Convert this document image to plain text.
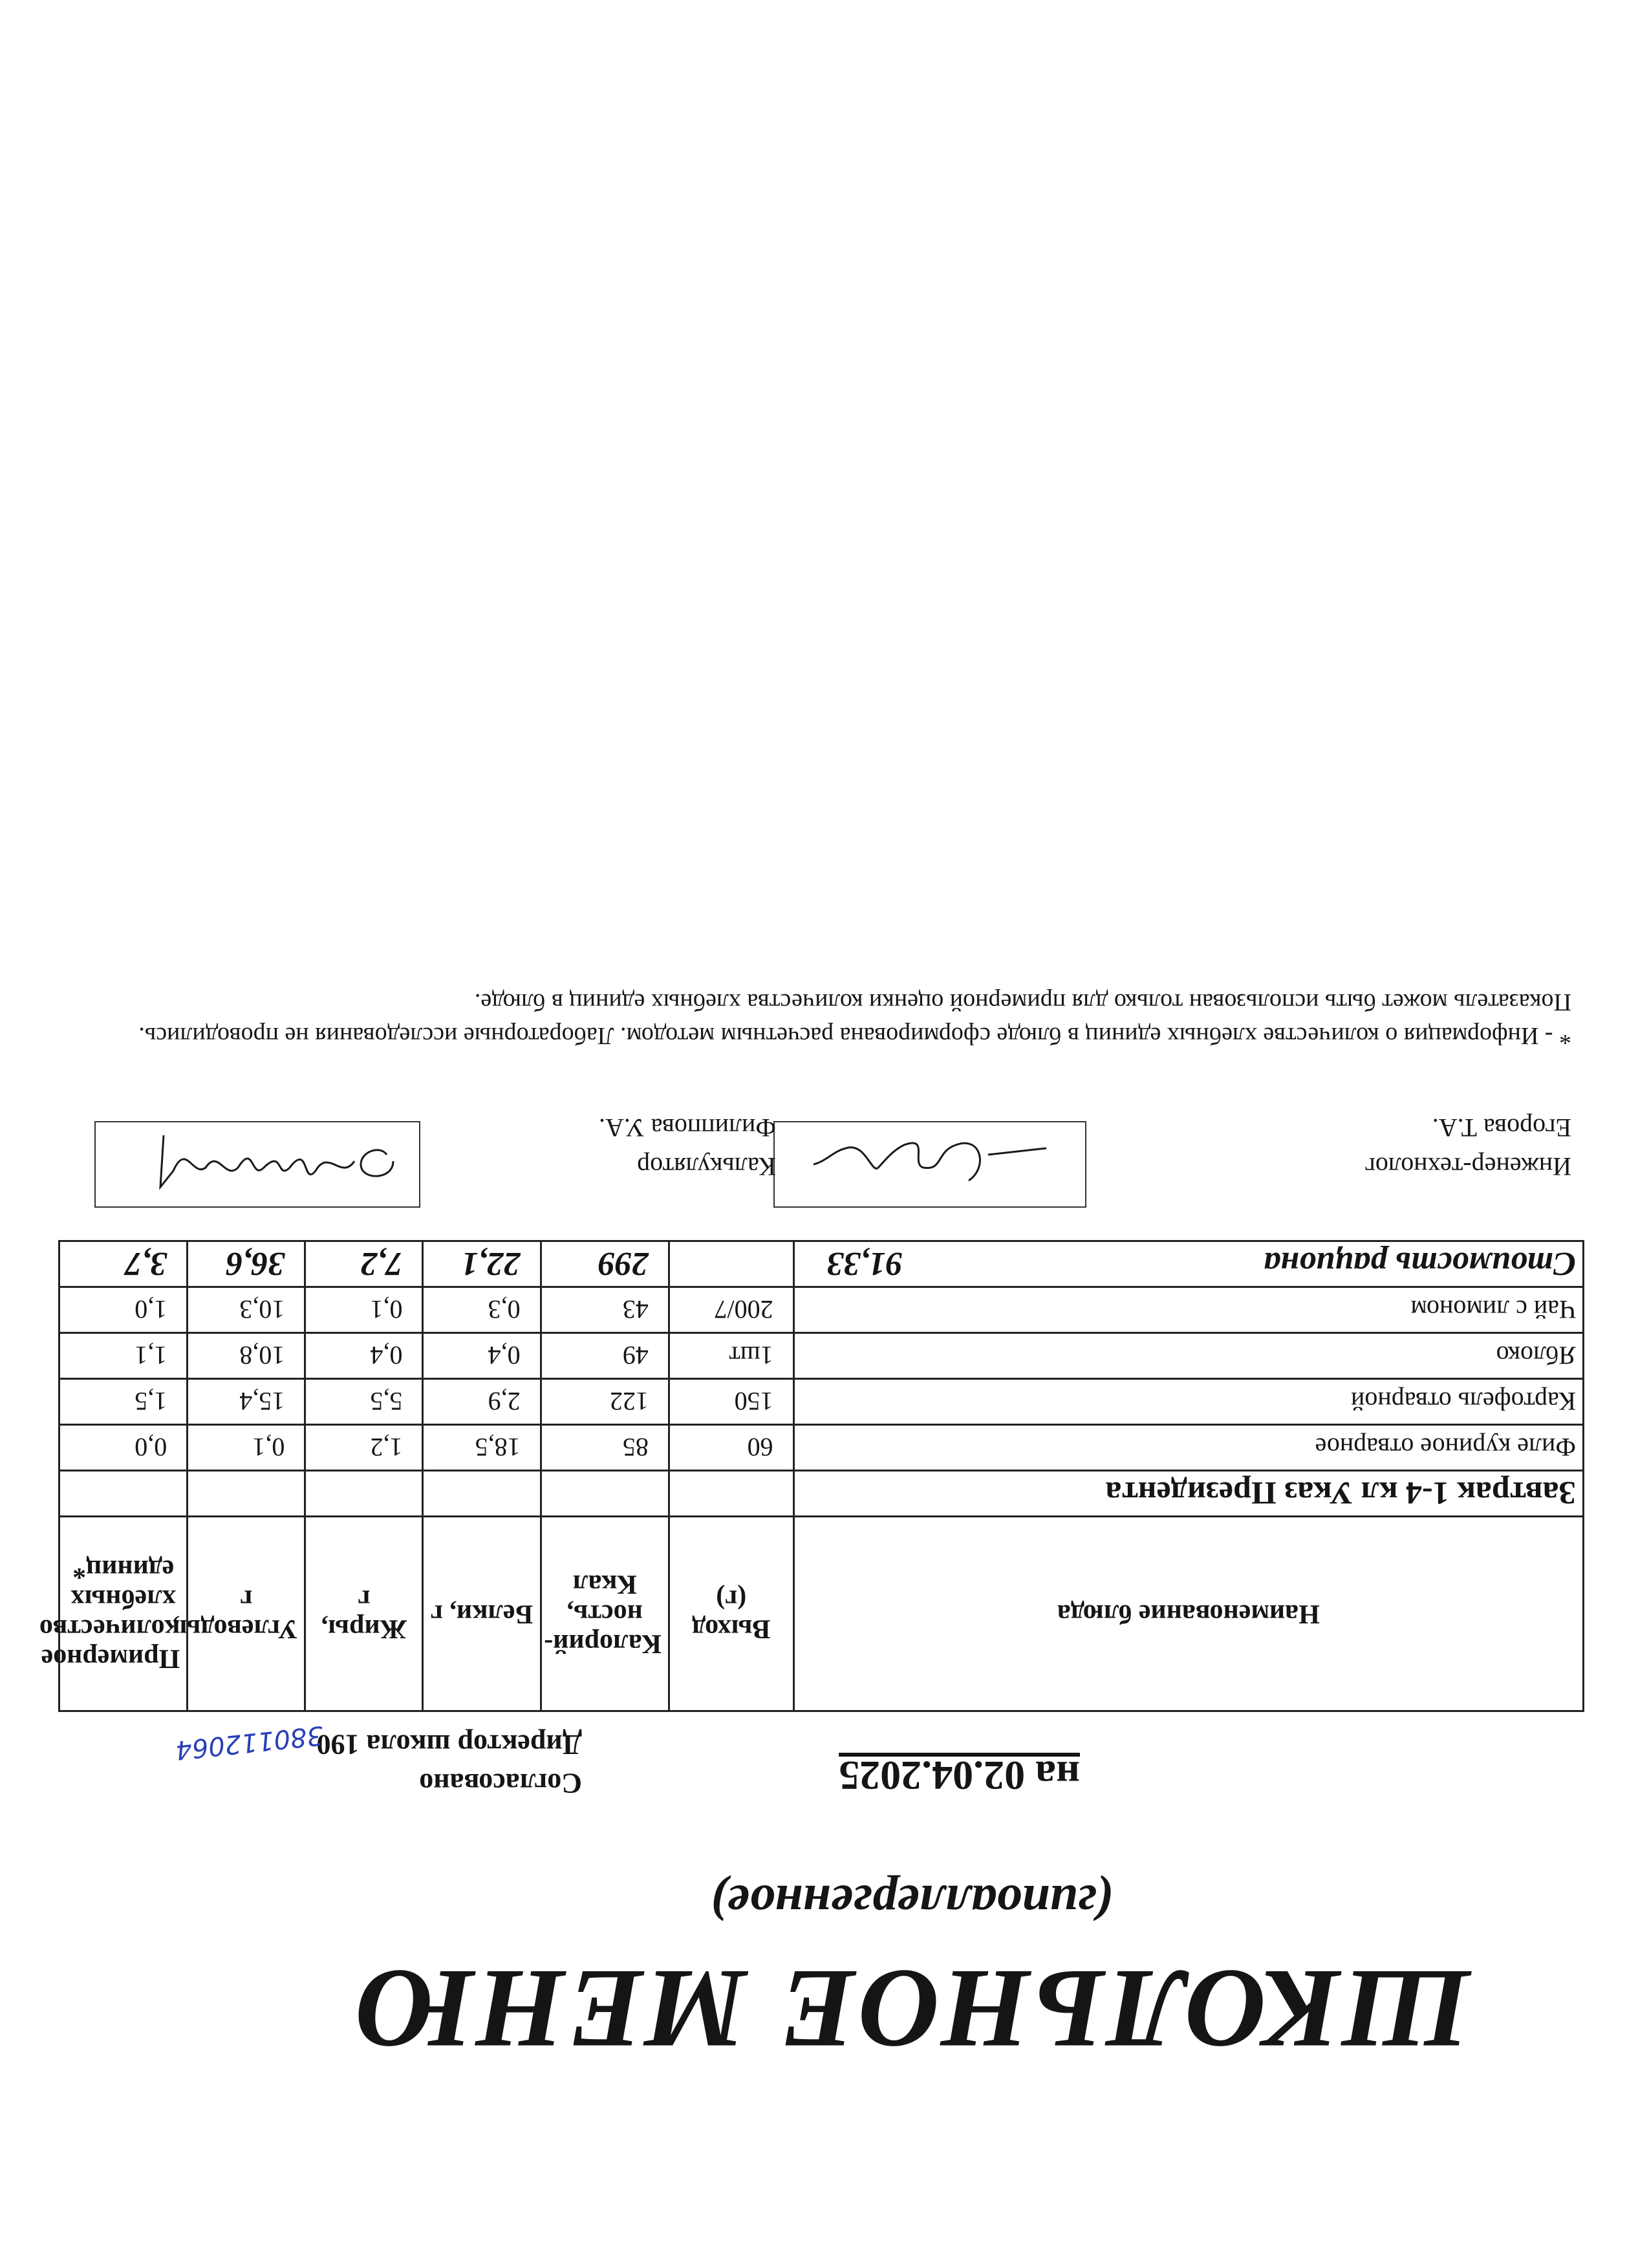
ШКОЛЬНОЕ МЕНЮ
(гипоаллергенное)
Согласовано
Директор школа 190
380112064
на 02.04.2025
Наименование блюда	Выход (г)	Калорий-ность, Ккал	Белки, г	Жиры, г	Углеводы, г	Примерное количество хлебных единиц*
Завтрак 1-4 кл Указ Президента						
Филе куриное отварное	60	85	18,5	1,2	0,1	0,0
Картофель отварной	150	122	2,9	5,5	15,4	1,5
Яблоко	1шт	49	0,4	0,4	10,8	1,1
Чай с лимоном	200/7	43	0,3	0,1	10,3	1,0

Стоимость рациона
91,33		299	22,1	7,2	36,6	3,7
Инженер-технолог
Егорова Т.А.
Калькулятор
Филиппова У.А.
* - Информация о количестве хлебных единиц в блюде сформирована расчетным методом. Лабораторные исследования не проводились.
Показатель может быть использован только для примерной оценки количества хлебных единиц в блюде.
